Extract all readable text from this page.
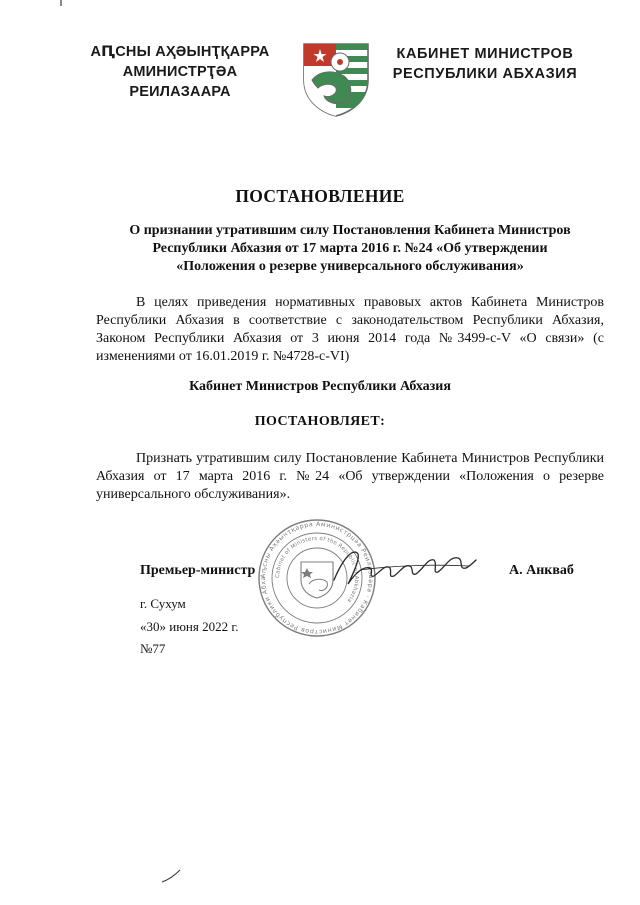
АԤСНЫ АҲӘЫНҬҚАРРА
АМИНИСТРҬӘА РЕИЛАЗААРА
КАБИНЕТ МИНИСТРОВ
РЕСПУБЛИКИ АБХАЗИЯ
ПОСТАНОВЛЕНИЕ
О признании утратившим силу Постановления Кабинета Министров
Республики Абхазия от 17 марта 2016 г. №24 «Об утверждении
«Положения о резерве универсального обслуживания»
В целях приведения нормативных правовых актов Кабинета Министров Республики Абхазия в соответствие с законодательством Республики Абхазия, Законом Республики Абхазия от 3 июня 2014 года №3499-с-V «О связи» (с изменениями от 16.01.2019 г. №4728-с-VI)
Кабинет Министров Республики Абхазия
ПОСТАНОВЛЯЕТ:
Признать утратившим силу Постановление Кабинета Министров Республики Абхазия от 17 марта 2016 г. №24 «Об утверждении «Положения о резерве универсального обслуживания».
Аҧсны Аҳәынҭқарра Аминистрцәа Реилазаара · Кабинет Министров Республики Абха	Cabinet of Ministers of the Republic of Abkhazia
Премьер-министр	А. Анкваб
г. Сухум
«30» июня 2022 г.
№77
